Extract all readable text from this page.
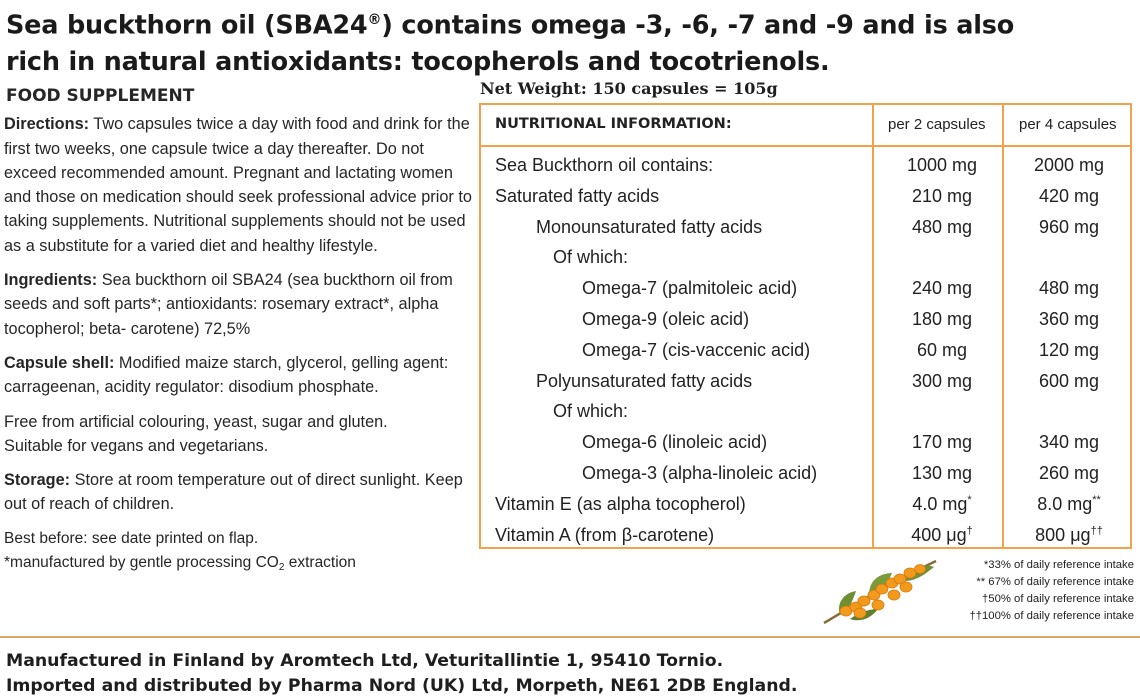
Sea buckthorn oil (SBA24®) contains omega -3, -6, -7 and -9 and is also
rich in natural antioxidants: tocopherols and tocotrienols.
FOOD SUPPLEMENT

Directions: Two capsules twice a day with food and drink for the first two weeks, one capsule twice a day thereafter. Do not exceed recommended amount. Pregnant and lactating women and those on medication should seek professional advice prior to taking supplements. Nutritional supplements should not be used as a substitute for a varied diet and healthy lifestyle.

Ingredients: Sea buckthorn oil SBA24 (sea buckthorn oil from seeds and soft parts*; antioxidants: rosemary extract*, alpha tocopherol; beta- carotene) 72,5%

Capsule shell: Modified maize starch, glycerol, gelling agent: carrageenan, acidity regulator: disodium phosphate.

Free from artificial colouring, yeast, sugar and gluten.
Suitable for vegans and vegetarians.

Storage: Store at room temperature out of direct sunlight. Keep out of reach of children.

Best before: see date printed on flap.
*manufactured by gentle processing $CO_2$ extraction
Net Weight: 150 capsules = 105g
NUTRITIONAL INFORMATION:	per 2 capsules per 4 capsules
Sea Buckthorn oil contains:	1000 mg	2000 mg
Saturated fatty acids	210 mg	420 mg
Monounsaturated fatty acids	480 mg	960 mg
Of which:
Omega-7 (palmitoleic acid)	240 mg	480 mg
Omega-9 (oleic acid)	180 mg	360 mg
Omega-7 (cis-vaccenic acid)	60 mg	120 mg
Polyunsaturated fatty acids	300 mg	600 mg
Of which:
Omega-6 (linoleic acid)	170 mg	340 mg
Omega-3 (alpha-linoleic acid)	130 mg	260 mg
Vitamin E (as alpha tocopherol)	4.0 mg*	8.0 mg**
Vitamin A (from β-carotene)	400 μg†	800 μg††
*33% of daily reference intake
** 67% of daily reference intake
†50% of daily reference intake
††100% of daily reference intake
Manufactured in Finland by Aromtech Ltd, Veturitallintie 1, 95410 Tornio.
Imported and distributed by Pharma Nord (UK) Ltd, Morpeth, NE61 2DB England.
